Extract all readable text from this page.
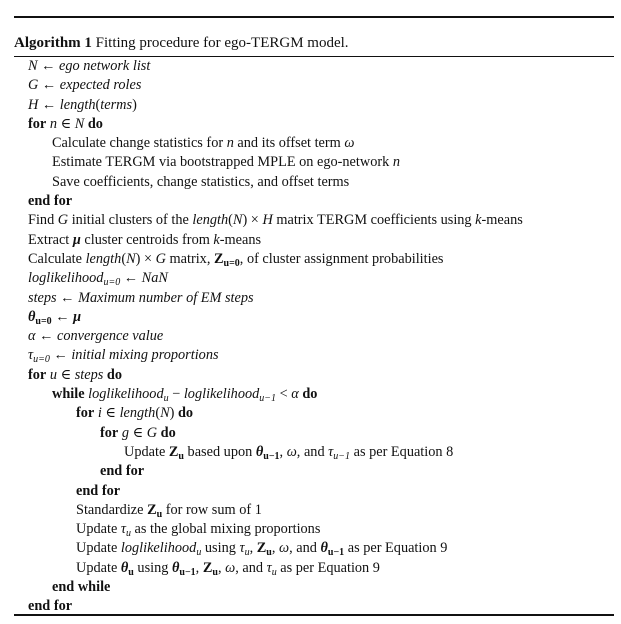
Algorithm 1 Fitting procedure for ego-TERGM model.
N ← ego network list
G ← expected roles
H ← length(terms)
for n ∈ N do
Calculate change statistics for n and its offset term ω
Estimate TERGM via bootstrapped MPLE on ego-network n
Save coefficients, change statistics, and offset terms
end for
Find G initial clusters of the length(N) × H matrix TERGM coefficients using k-means
Extract μ cluster centroids from k-means
Calculate length(N) × G matrix, $Z_{u=0}$, of cluster assignment probabilities
loglikelihood$_{u=0}$ ← NaN
steps ← Maximum number of EM steps
$\theta_{u=0}$ ← μ
α ← convergence value
$\tau_{u=0}$ ← initial mixing proportions
for u ∈ steps do
while loglikelihood$_u$ − loglikelihood$_{u-1}$ < α do
for i ∈ length(N) do
for g ∈ G do
Update $Z_u$ based upon $\theta_{u-1}$, ω, and $\tau_{u-1}$ as per Equation 8
end for
end for
Standardize $Z_u$ for row sum of 1
Update $\tau_u$ as the global mixing proportions
Update loglikelihood$_u$ using $\tau_u$, $Z_u$, ω, and $\theta_{u-1}$ as per Equation 9
Update $\theta_u$ using $\theta_{u-1}$, $Z_u$, ω, and $\tau_u$ as per Equation 9
end while
end for
